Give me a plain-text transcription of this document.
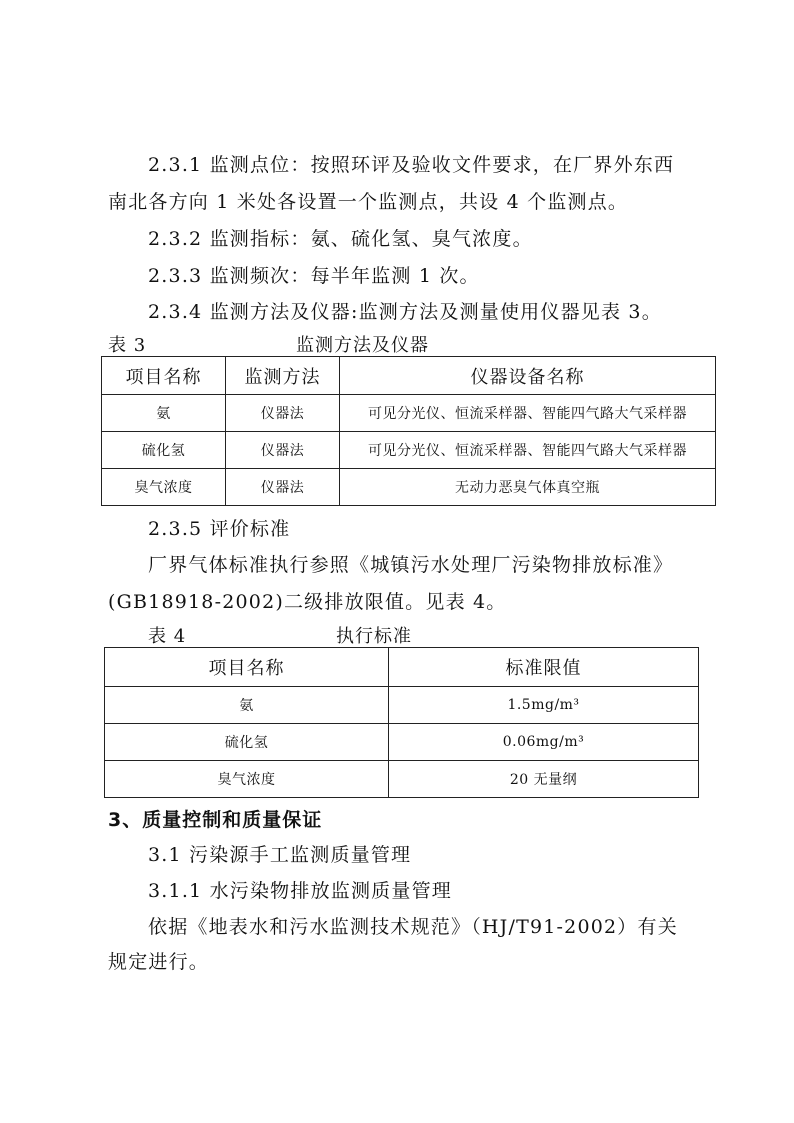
2.3.1 监测点位：按照环评及验收文件要求，在厂界外东西
南北各方向 1 米处各设置一个监测点，共设 4 个监测点。
2.3.2 监测指标：氨、硫化氢、臭气浓度。
2.3.3 监测频次：每半年监测 1 次。
2.3.4 监测方法及仪器:监测方法及测量使用仪器见表 3。
表 3	监测方法及仪器
项目名称	监测方法	仪器设备名称
氨	仪器法	可见分光仪、恒流采样器、智能四气路大气采样器
硫化氢	仪器法	可见分光仪、恒流采样器、智能四气路大气采样器
臭气浓度	仪器法	无动力恶臭气体真空瓶
2.3.5 评价标准
厂界气体标准执行参照《城镇污水处理厂污染物排放标准》
(GB18918-2002)二级排放限值。见表 4。
表 4	执行标准
项目名称	标准限值
氨	1.5mg/m³
硫化氢	0.06mg/m³
臭气浓度	20 无量纲
3、质量控制和质量保证
3.1 污染源手工监测质量管理
3.1.1 水污染物排放监测质量管理
依据《地表水和污水监测技术规范》（HJ/T91-2002）有关
规定进行。
